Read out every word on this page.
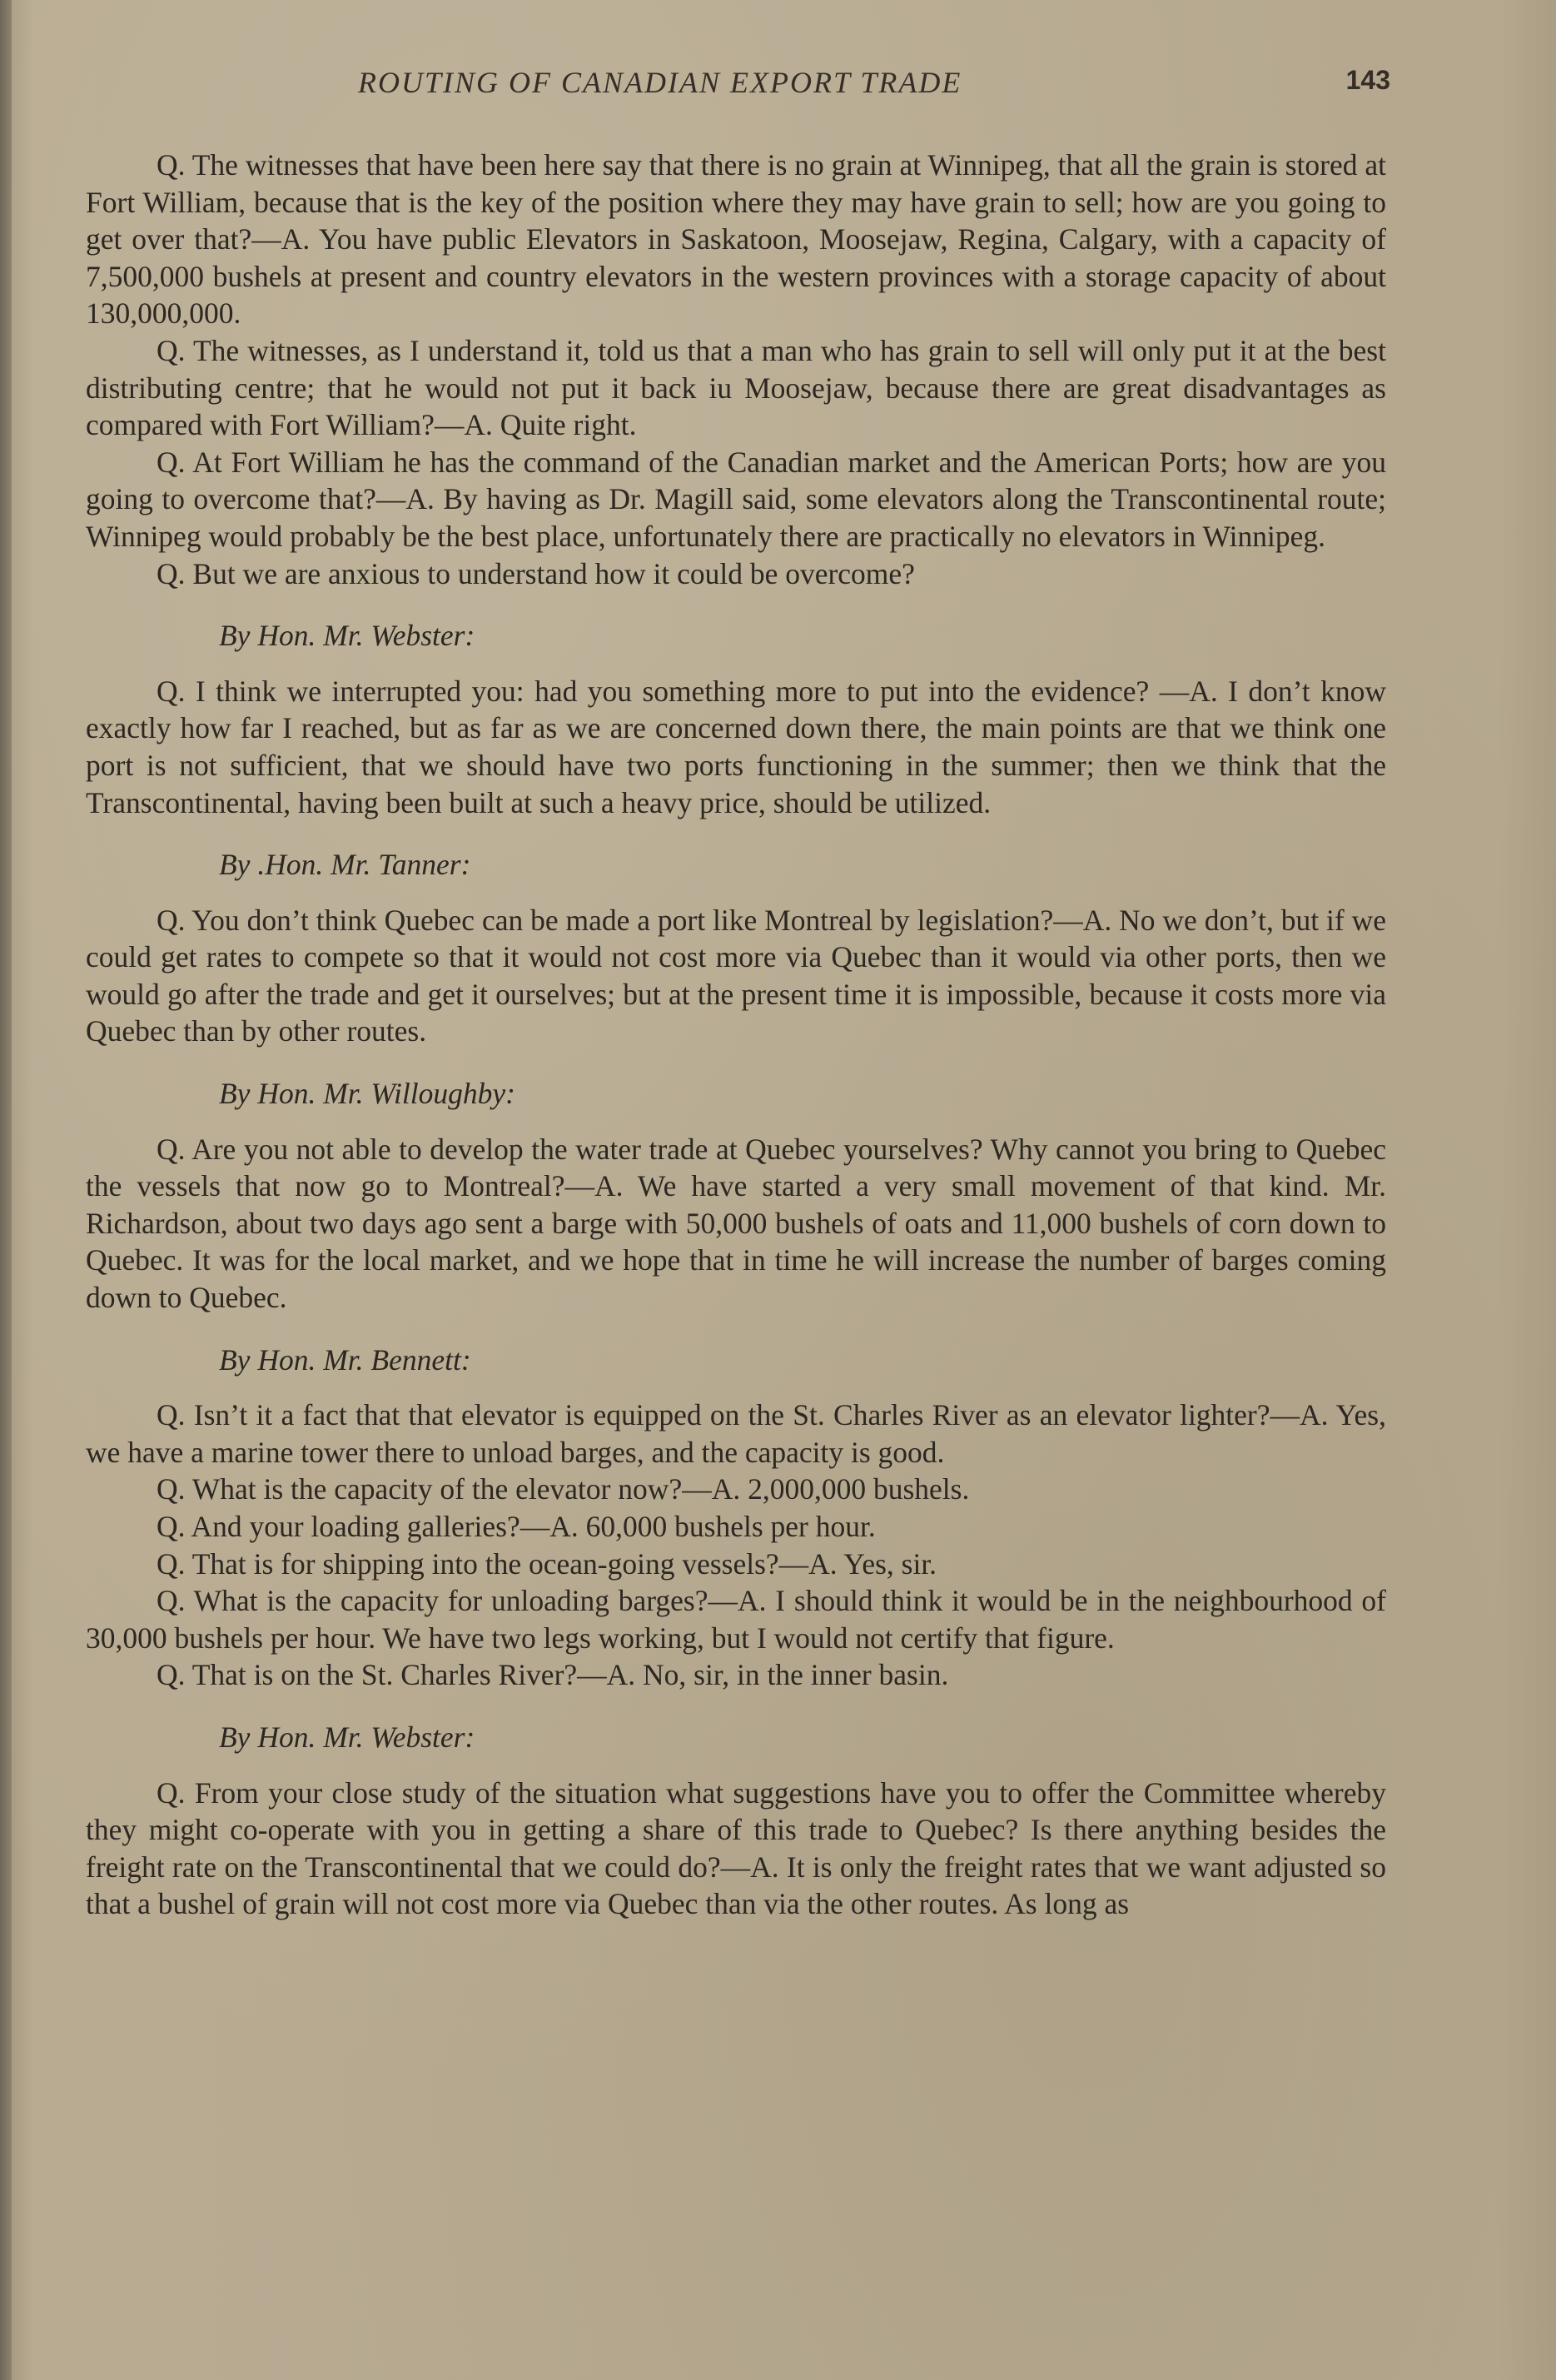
ROUTING OF CANADIAN EXPORT TRADE	143

Q. The witnesses that have been here say that there is no grain at Winnipeg, that all the grain is stored at Fort William, because that is the key of the position where they may have grain to sell; how are you going to get over that?—A. You have public Elevators in Saskatoon, Moosejaw, Regina, Calgary, with a capacity of 7,500,000 bushels at present and country elevators in the western provinces with a storage capacity of about 130,000,000.

Q. The witnesses, as I understand it, told us that a man who has grain to sell will only put it at the best distributing centre; that he would not put it back iu Moosejaw, because there are great disadvantages as compared with Fort William?—A. Quite right.

Q. At Fort William he has the command of the Canadian market and the American Ports; how are you going to overcome that?—A. By having as Dr. Magill said, some elevators along the Transcontinental route; Winnipeg would probably be the best place, unfortunately there are practically no elevators in Winnipeg.

Q. But we are anxious to understand how it could be overcome?

By Hon. Mr. Webster:

Q. I think we interrupted you: had you something more to put into the evidence? —A. I don’t know exactly how far I reached, but as far as we are concerned down there, the main points are that we think one port is not sufficient, that we should have two ports functioning in the summer; then we think that the Transcontinental, having been built at such a heavy price, should be utilized.

By .Hon. Mr. Tanner:

Q. You don’t think Quebec can be made a port like Montreal by legislation?—A. No we don’t, but if we could get rates to compete so that it would not cost more via Quebec than it would via other ports, then we would go after the trade and get it ourselves; but at the present time it is impossible, because it costs more via Quebec than by other routes.

By Hon. Mr. Willoughby:

Q. Are you not able to develop the water trade at Quebec yourselves? Why cannot you bring to Quebec the vessels that now go to Montreal?—A. We have started a very small movement of that kind. Mr. Richardson, about two days ago sent a barge with 50,000 bushels of oats and 11,000 bushels of corn down to Quebec. It was for the local market, and we hope that in time he will increase the number of barges coming down to Quebec.

By Hon. Mr. Bennett:

Q. Isn’t it a fact that that elevator is equipped on the St. Charles River as an elevator lighter?—A. Yes, we have a marine tower there to unload barges, and the capacity is good.

Q. What is the capacity of the elevator now?—A. 2,000,000 bushels.

Q. And your loading galleries?—A. 60,000 bushels per hour.

Q. That is for shipping into the ocean-going vessels?—A. Yes, sir.

Q. What is the capacity for unloading barges?—A. I should think it would be in the neighbourhood of 30,000 bushels per hour. We have two legs working, but I would not certify that figure.

Q. That is on the St. Charles River?—A. No, sir, in the inner basin.

By Hon. Mr. Webster:

Q. From your close study of the situation what suggestions have you to offer the Committee whereby they might co-operate with you in getting a share of this trade to Quebec? Is there anything besides the freight rate on the Transcontinental that we could do?—A. It is only the freight rates that we want adjusted so that a bushel of grain will not cost more via Quebec than via the other routes. As long as
